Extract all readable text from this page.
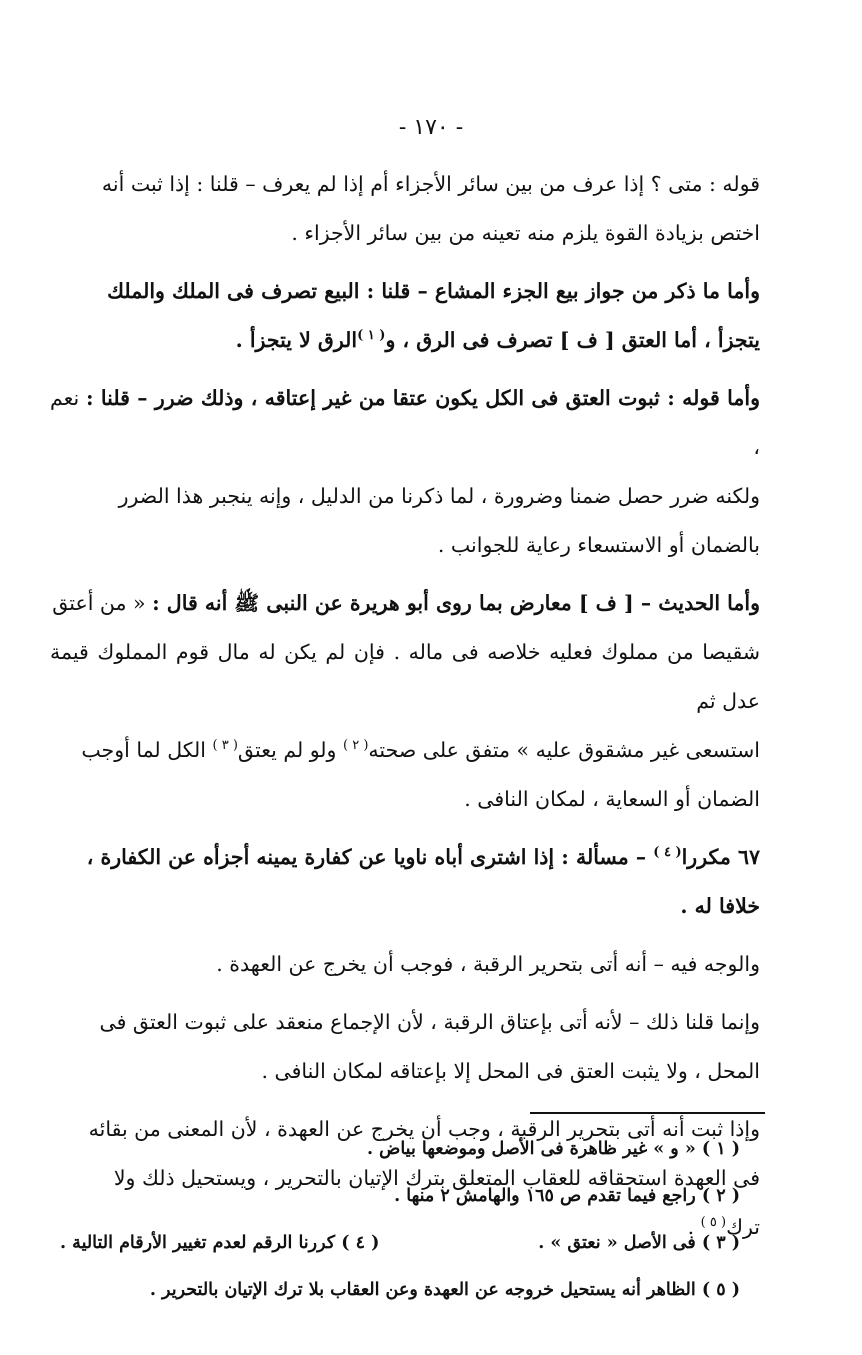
- ١٧٠ -

قوله : متى ؟ إذا عرف من بين سائر الأجزاء أم إذا لم يعرف – قلنا : إذا ثبت أنه
اختص بزيادة القوة يلزم منه تعينه من بين سائر الأجزاء .

وأما ما ذكر من جواز بيع الجزء المشاع – قلنا : البيع تصرف فى الملك والملك
يتجزأ ، أما العتق [ ف ] تصرف فى الرق ، و$^{( ١ )}$الرق لا يتجزأ .

وأما قوله : ثبوت العتق فى الكل يكون عتقا من غير إعتاقه ، وذلك ضرر – قلنا : نعم ،
ولكنه ضرر حصل ضمنا وضرورة ، لما ذكرنا من الدليل ، وإنه ينجبر هذا الضرر
بالضمان أو الاستسعاء رعاية للجوانب .

وأما الحديث – [ ف ] معارض بما روى أبو هريرة عن النبى ﷺ أنه قال : « من أعتق
شقيصا من مملوك فعليه خلاصه فى ماله . فإن لم يكن له مال قوم المملوك قيمة عدل ثم
استسعى غير مشقوق عليه » متفق على صحته$^{( ٢ )}$ ولو لم يعتق$^{( ٣ )}$ الكل لما أوجب
الضمان أو السعاية ، لمكان النافى .

٦٧ مكررا$^{( ٤ )}$ – مسألة : إذا اشترى أباه ناويا عن كفارة يمينه أجزأه عن الكفارة ،
خلافا له .

والوجه فيه – أنه أتى بتحرير الرقبة ، فوجب أن يخرج عن العهدة .

وإنما قلنا ذلك – لأنه أتى بإعتاق الرقبة ، لأن الإجماع منعقد على ثبوت العتق فى
المحل ، ولا يثبت العتق فى المحل إلا بإعتاقه لمكان النافى .

وإذا ثبت أنه أتى بتحرير الرقبة ، وجب أن يخرج عن العهدة ، لأن المعنى من بقائه
فى العهدة استحقاقه للعقاب المتعلق بترك الإتيان بالتحرير ، ويستحيل ذلك ولا
ترك$^{( ٥ )}$ .

( ١ ) « و » غير ظاهرة فى الأصل وموضعها بياض .
( ٢ ) راجع فيما تقدم ص ١٦٥ والهامش ٢ منها .
( ٣ ) فى الأصل « نعتق » .
( ٤ ) كررنا الرقم لعدم تغيير الأرقام التالية .
( ٥ ) الظاهر أنه يستحيل خروجه عن العهدة وعن العقاب بلا ترك الإتيان بالتحرير .
